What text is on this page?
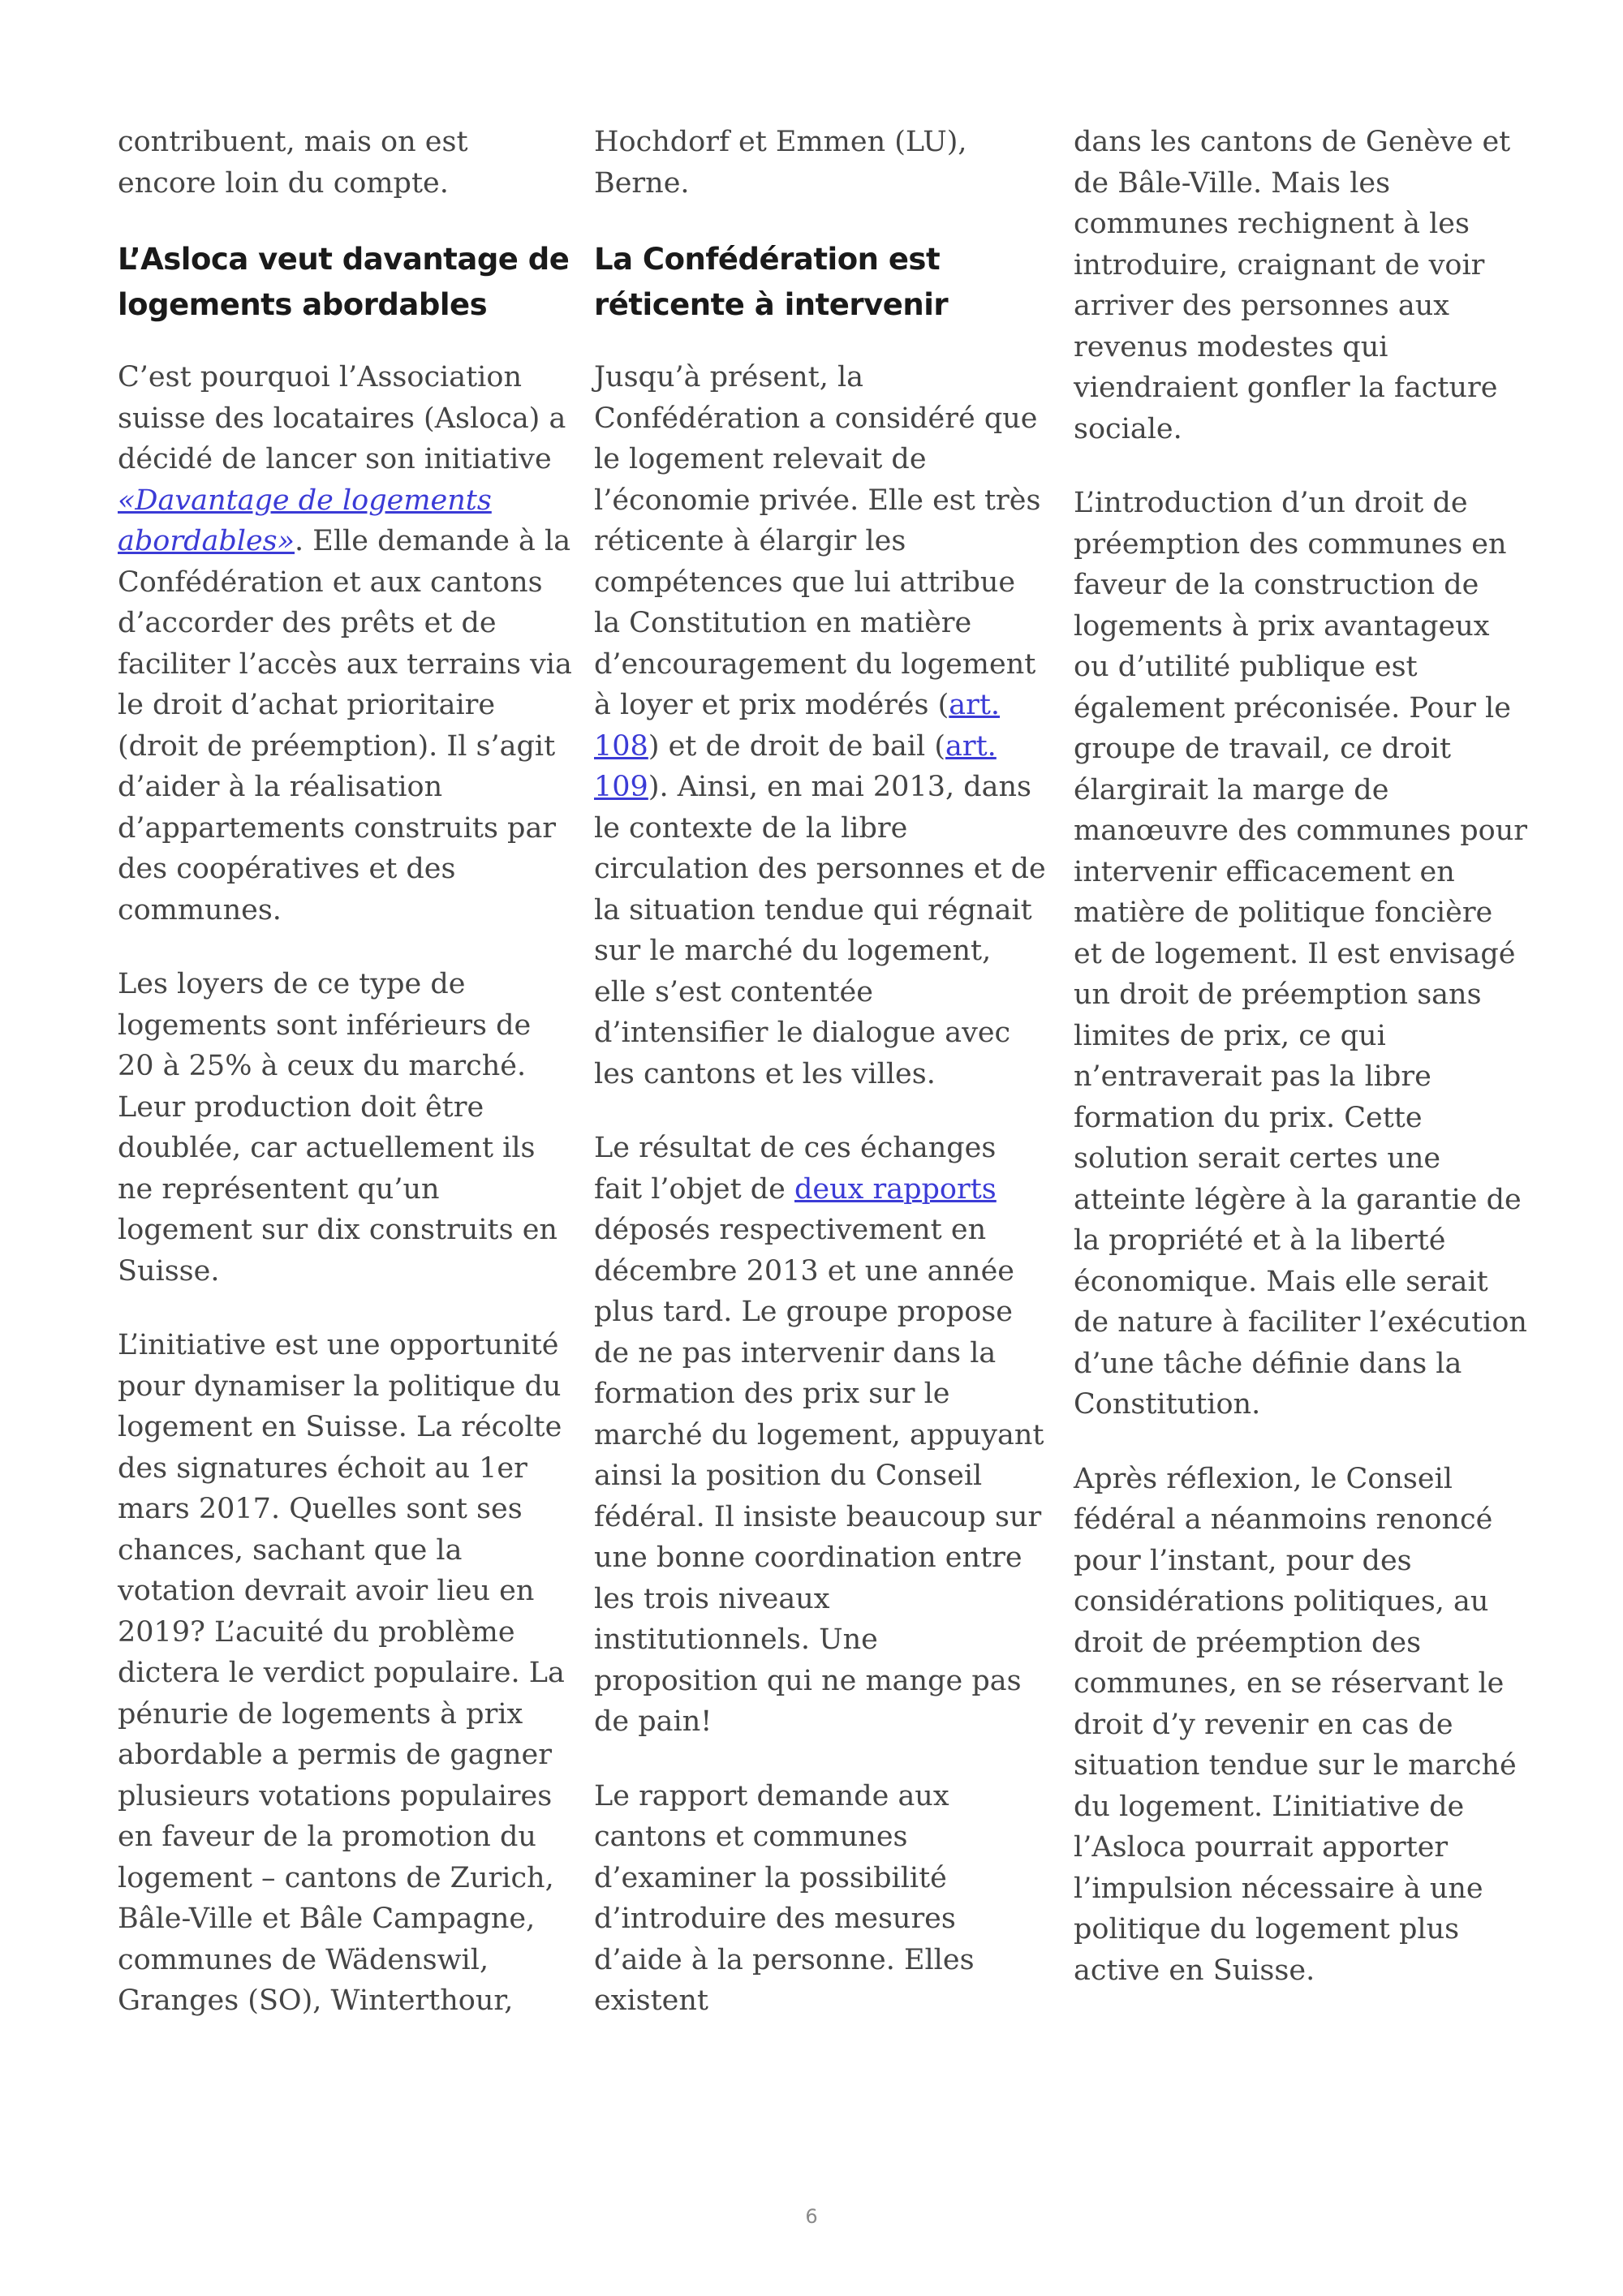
contribuent, mais on est encore loin du compte.

L’Asloca veut davantage de logements abordables

C’est pourquoi l’Association suisse des locataires (Asloca) a décidé de lancer son initiative «Davantage de logements abordables». Elle demande à la Confédération et aux cantons d’accorder des prêts et de faciliter l’accès aux terrains via le droit d’achat prioritaire (droit de préemption). Il s’agit d’aider à la réalisation d’appartements construits par des coopératives et des communes.

Les loyers de ce type de logements sont inférieurs de 20 à 25% à ceux du marché. Leur production doit être doublée, car actuellement ils ne représentent qu’un logement sur dix construits en Suisse.

L’initiative est une opportunité pour dynamiser la politique du logement en Suisse. La récolte des signatures échoit au 1er mars 2017. Quelles sont ses chances, sachant que la votation devrait avoir lieu en 2019? L’acuité du problème dictera le verdict populaire. La pénurie de logements à prix abordable a permis de gagner plusieurs votations populaires en faveur de la promotion du logement – cantons de Zurich, Bâle-Ville et Bâle Campagne, communes de Wädenswil, Granges (SO), Winterthour,

Hochdorf et Emmen (LU), Berne.

La Confédération est réticente à intervenir

Jusqu’à présent, la Confédération a considéré que le logement relevait de l’économie privée. Elle est très réticente à élargir les compétences que lui attribue la Constitution en matière d’encouragement du logement à loyer et prix modérés (art. 108) et de droit de bail (art. 109). Ainsi, en mai 2013, dans le contexte de la libre circulation des personnes et de la situation tendue qui régnait sur le marché du logement, elle s’est contentée d’intensifier le dialogue avec les cantons et les villes.

Le résultat de ces échanges fait l’objet de deux rapports déposés respectivement en décembre 2013 et une année plus tard. Le groupe propose de ne pas intervenir dans la formation des prix sur le marché du logement, appuyant ainsi la position du Conseil fédéral. Il insiste beaucoup sur une bonne coordination entre les trois niveaux institutionnels. Une proposition qui ne mange pas de pain!

Le rapport demande aux cantons et communes d’examiner la possibilité d’introduire des mesures d’aide à la personne. Elles existent

dans les cantons de Genève et de Bâle-Ville. Mais les communes rechignent à les introduire, craignant de voir arriver des personnes aux revenus modestes qui viendraient gonfler la facture sociale.

L’introduction d’un droit de préemption des communes en faveur de la construction de logements à prix avantageux ou d’utilité publique est également préconisée. Pour le groupe de travail, ce droit élargirait la marge de manœuvre des communes pour intervenir efficacement en matière de politique foncière et de logement. Il est envisagé un droit de préemption sans limites de prix, ce qui n’entraverait pas la libre formation du prix. Cette solution serait certes une atteinte légère à la garantie de la propriété et à la liberté économique. Mais elle serait de nature à faciliter l’exécution d’une tâche définie dans la Constitution.

Après réflexion, le Conseil fédéral a néanmoins renoncé pour l’instant, pour des considérations politiques, au droit de préemption des communes, en se réservant le droit d’y revenir en cas de situation tendue sur le marché du logement. L’initiative de l’Asloca pourrait apporter l’impulsion nécessaire à une politique du logement plus active en Suisse.

6
